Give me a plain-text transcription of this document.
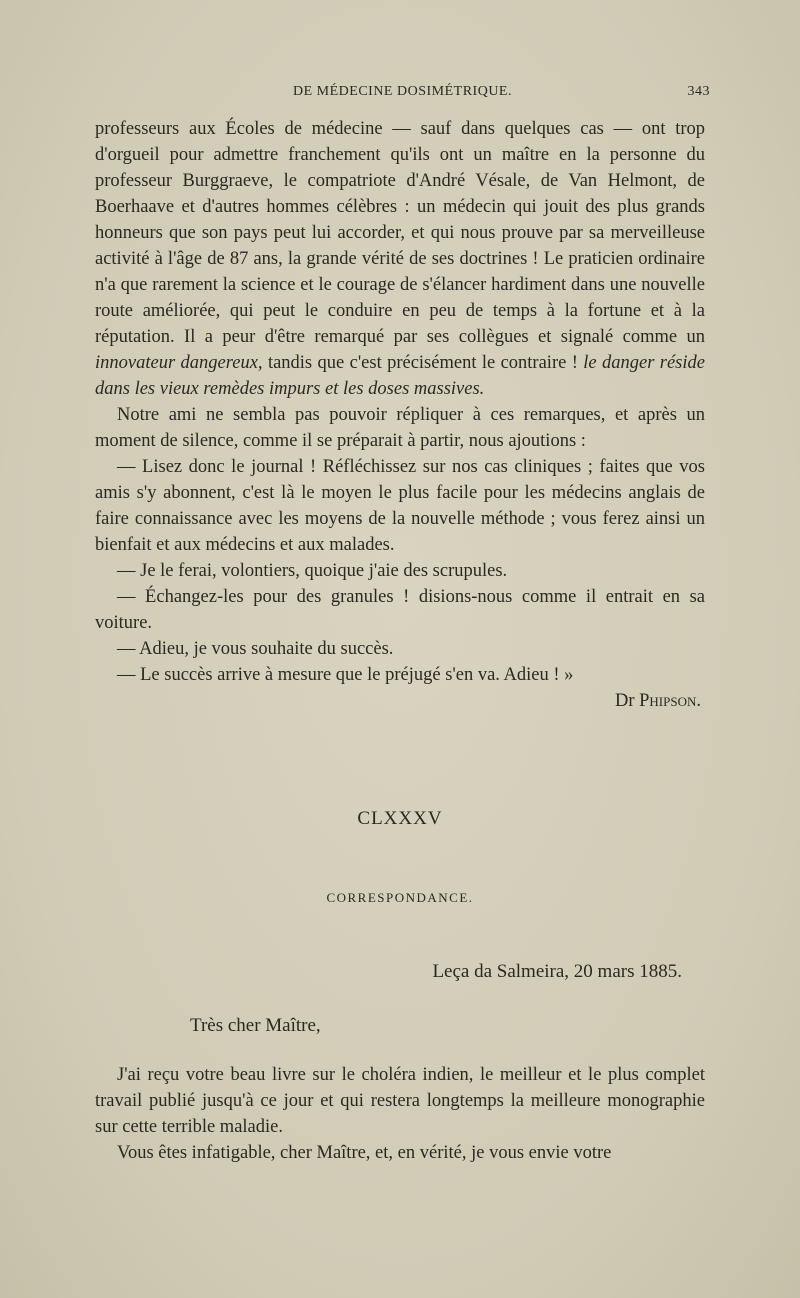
DE MÉDECINE DOSIMÉTRIQUE.	343

professeurs aux Écoles de médecine — sauf dans quelques cas — ont trop d'orgueil pour admettre franchement qu'ils ont un maître en la personne du professeur Burggraeve, le compatriote d'André Vésale, de Van Helmont, de Boerhaave et d'autres hommes célèbres : un médecin qui jouit des plus grands honneurs que son pays peut lui accorder, et qui nous prouve par sa merveilleuse activité à l'âge de 87 ans, la grande vérité de ses doctrines ! Le praticien ordinaire n'a que rarement la science et le courage de s'élancer hardiment dans une nouvelle route améliorée, qui peut le conduire en peu de temps à la fortune et à la réputation. Il a peur d'être remarqué par ses collègues et signalé comme un innovateur dangereux, tandis que c'est précisément le contraire ! le danger réside dans les vieux remèdes impurs et les doses massives.

Notre ami ne sembla pas pouvoir répliquer à ces remarques, et après un moment de silence, comme il se préparait à partir, nous ajoutions :

— Lisez donc le journal ! Réfléchissez sur nos cas cliniques ; faites que vos amis s'y abonnent, c'est là le moyen le plus facile pour les médecins anglais de faire connaissance avec les moyens de la nouvelle méthode ; vous ferez ainsi un bienfait et aux médecins et aux malades.

— Je le ferai, volontiers, quoique j'aie des scrupules.

— Échangez-les pour des granules ! disions-nous comme il entrait en sa voiture.

— Adieu, je vous souhaite du succès.

— Le succès arrive à mesure que le préjugé s'en va. Adieu ! »

Dr Phipson.

CLXXXV
CORRESPONDANCE.
Leça da Salmeira, 20 mars 1885.
Très cher Maître,

J'ai reçu votre beau livre sur le choléra indien, le meilleur et le plus complet travail publié jusqu'à ce jour et qui restera longtemps la meilleure monographie sur cette terrible maladie.

Vous êtes infatigable, cher Maître, et, en vérité, je vous envie votre
